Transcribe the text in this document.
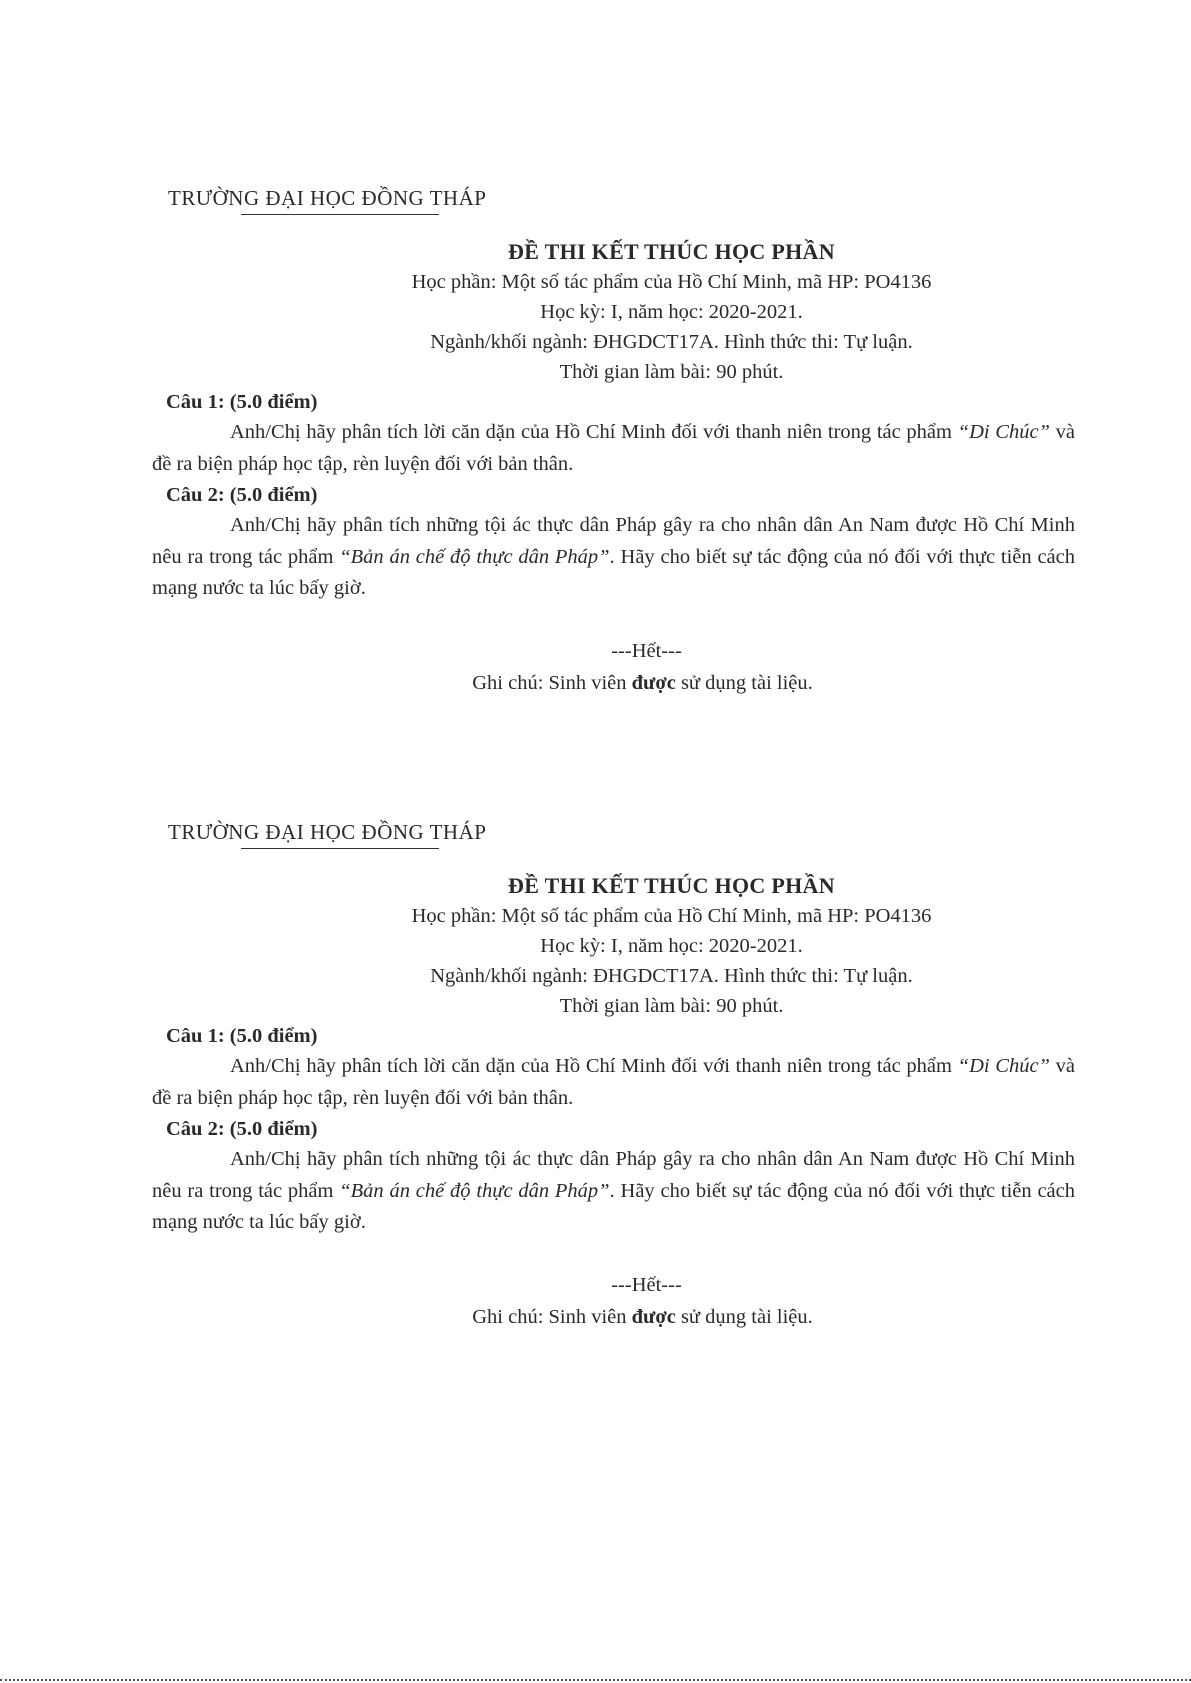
TRƯỜNG ĐẠI HỌC ĐỒNG THÁP
ĐỀ THI KẾT THÚC HỌC PHẦN
Học phần: Một số tác phẩm của Hồ Chí Minh, mã HP: PO4136
Học kỳ: I, năm học: 2020-2021.
Ngành/khối ngành: ĐHGDCT17A. Hình thức thi: Tự luận.
Thời gian làm bài: 90 phút.
Câu 1: (5.0 điểm)
Anh/Chị hãy phân tích lời căn dặn của Hồ Chí Minh đối với thanh niên trong tác phẩm “Di Chúc” và đề ra biện pháp học tập, rèn luyện đối với bản thân.
Câu 2: (5.0 điểm)
Anh/Chị hãy phân tích những tội ác thực dân Pháp gây ra cho nhân dân An Nam được Hồ Chí Minh nêu ra trong tác phẩm “Bản án chế độ thực dân Pháp”. Hãy cho biết sự tác động của nó đối với thực tiễn cách mạng nước ta lúc bấy giờ.
---Hết---
Ghi chú: Sinh viên được sử dụng tài liệu.
TRƯỜNG ĐẠI HỌC ĐỒNG THÁP
ĐỀ THI KẾT THÚC HỌC PHẦN
Học phần: Một số tác phẩm của Hồ Chí Minh, mã HP: PO4136
Học kỳ: I, năm học: 2020-2021.
Ngành/khối ngành: ĐHGDCT17A. Hình thức thi: Tự luận.
Thời gian làm bài: 90 phút.
Câu 1: (5.0 điểm)
Anh/Chị hãy phân tích lời căn dặn của Hồ Chí Minh đối với thanh niên trong tác phẩm “Di Chúc” và đề ra biện pháp học tập, rèn luyện đối với bản thân.
Câu 2: (5.0 điểm)
Anh/Chị hãy phân tích những tội ác thực dân Pháp gây ra cho nhân dân An Nam được Hồ Chí Minh nêu ra trong tác phẩm “Bản án chế độ thực dân Pháp”. Hãy cho biết sự tác động của nó đối với thực tiễn cách mạng nước ta lúc bấy giờ.
---Hết---
Ghi chú: Sinh viên được sử dụng tài liệu.
